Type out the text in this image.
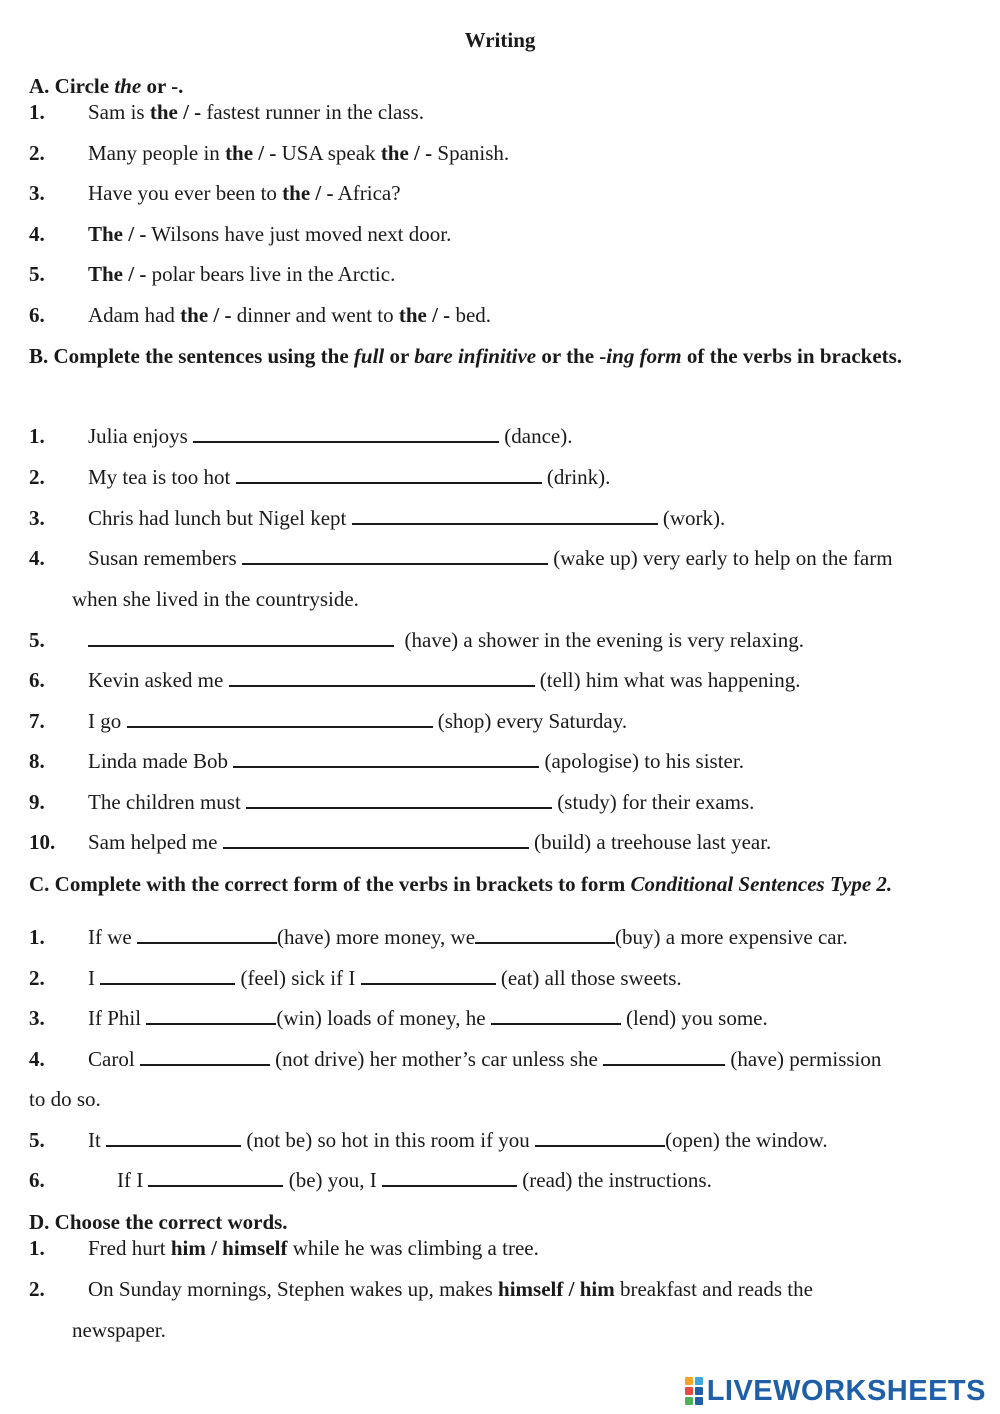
Writing
A. Circle the or -.
1. Sam is the / - fastest runner in the class.
2. Many people in the / - USA speak the / - Spanish.
3. Have you ever been to the / - Africa?
4. The / - Wilsons have just moved next door.
5. The / - polar bears live in the Arctic.
6. Adam had the / - dinner and went to the / - bed.
B. Complete the sentences using the full or bare infinitive or the -ing form of the verbs in brackets.
1. Julia enjoys	(dance).
2. My tea is too hot	(drink).
3. Chris had lunch but Nigel kept	(work).
4. Susan remembers	(wake up) very early to help on the farm
when she lived in the countryside.
5.	(have) a shower in the evening is very relaxing.
6. Kevin asked me	(tell) him what was happening.
7. I go	(shop) every Saturday.
8. Linda made Bob	(apologise) to his sister.
9. The children must	(study) for their exams.
10. Sam helped me	(build) a treehouse last year.
C. Complete with the correct form of the verbs in brackets to form Conditional Sentences Type 2.
1. If we	(have) more money, we	(buy) a more expensive car.
2. I	(feel) sick if I	(eat) all those sweets.
3. If Phil	(win) loads of money, he	(lend) you some.
4. Carol	(not drive) her mother’s car unless she	(have) permission
to do so.
5. It	(not be) so hot in this room if you	(open) the window.
6.	If I	(be) you, I	(read) the instructions.
D. Choose the correct words.
1. Fred hurt him / himself while he was climbing a tree.
2. On Sunday mornings, Stephen wakes up, makes himself / him breakfast and reads the
newspaper.
LIVEWORKSHEETS
